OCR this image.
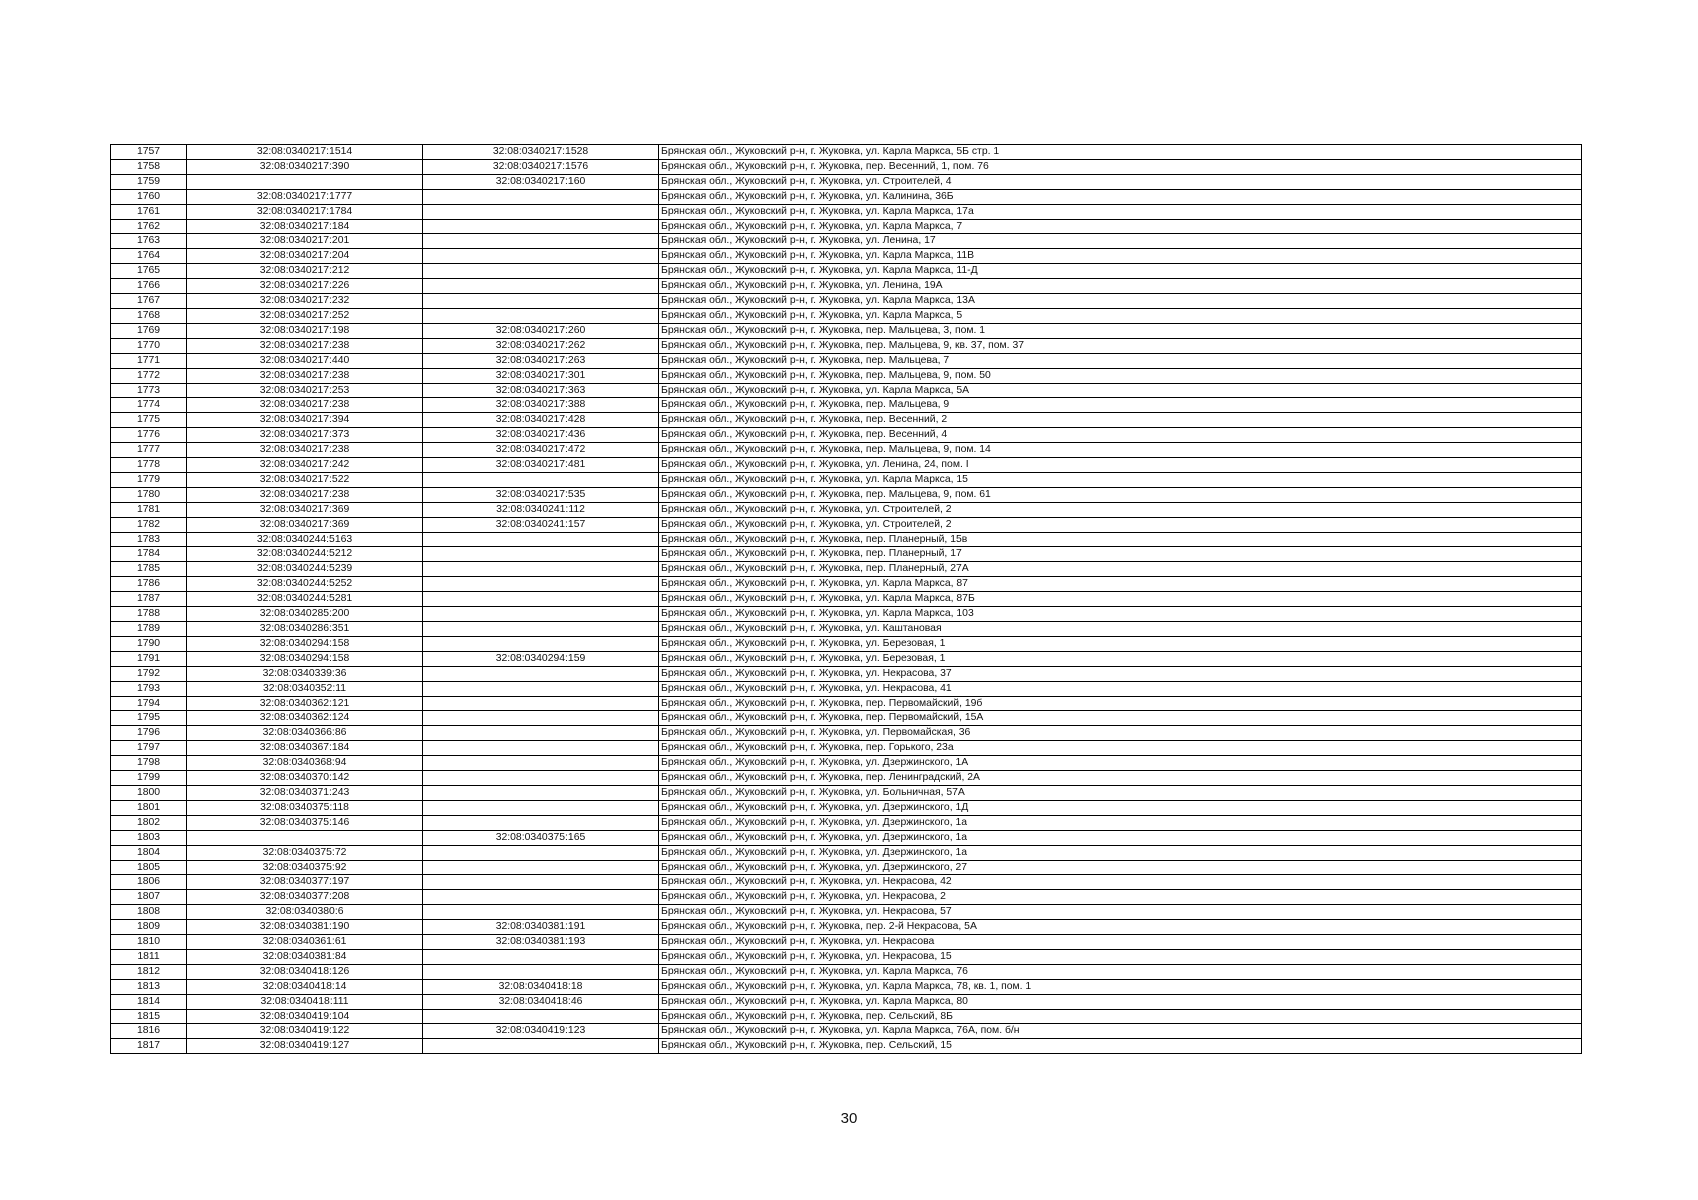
1757	32:08:0340217:1514	32:08:0340217:1528	Брянская обл., Жуковский р-н, г. Жуковка, ул. Карла Маркса, 5Б стр. 1
1758	32:08:0340217:390	32:08:0340217:1576	Брянская обл., Жуковский р-н, г. Жуковка, пер. Весенний, 1, пом. 76
1759		32:08:0340217:160	Брянская обл., Жуковский р-н, г. Жуковка, ул. Строителей, 4
1760	32:08:0340217:1777		Брянская обл., Жуковский р-н, г. Жуковка, ул. Калинина, 36Б
1761	32:08:0340217:1784		Брянская обл., Жуковский р-н, г. Жуковка, ул. Карла Маркса, 17а
1762	32:08:0340217:184		Брянская обл., Жуковский р-н, г. Жуковка, ул. Карла Маркса, 7
1763	32:08:0340217:201		Брянская обл., Жуковский р-н, г. Жуковка, ул. Ленина, 17
1764	32:08:0340217:204		Брянская обл., Жуковский р-н, г. Жуковка, ул. Карла Маркса, 11В
1765	32:08:0340217:212		Брянская обл., Жуковский р-н, г. Жуковка, ул. Карла Маркса, 11-Д
1766	32:08:0340217:226		Брянская обл., Жуковский р-н, г. Жуковка, ул. Ленина, 19А
1767	32:08:0340217:232		Брянская обл., Жуковский р-н, г. Жуковка, ул. Карла Маркса, 13А
1768	32:08:0340217:252		Брянская обл., Жуковский р-н, г. Жуковка, ул. Карла Маркса, 5
1769	32:08:0340217:198	32:08:0340217:260	Брянская обл., Жуковский р-н, г. Жуковка, пер. Мальцева, 3, пом. 1
1770	32:08:0340217:238	32:08:0340217:262	Брянская обл., Жуковский р-н, г. Жуковка, пер. Мальцева, 9, кв. 37, пом. 37
1771	32:08:0340217:440	32:08:0340217:263	Брянская обл., Жуковский р-н, г. Жуковка, пер. Мальцева, 7
1772	32:08:0340217:238	32:08:0340217:301	Брянская обл., Жуковский р-н, г. Жуковка, пер. Мальцева, 9, пом. 50
1773	32:08:0340217:253	32:08:0340217:363	Брянская обл., Жуковский р-н, г. Жуковка, ул. Карла Маркса, 5А
1774	32:08:0340217:238	32:08:0340217:388	Брянская обл., Жуковский р-н, г. Жуковка, пер. Мальцева, 9
1775	32:08:0340217:394	32:08:0340217:428	Брянская обл., Жуковский р-н, г. Жуковка, пер. Весенний, 2
1776	32:08:0340217:373	32:08:0340217:436	Брянская обл., Жуковский р-н, г. Жуковка, пер. Весенний, 4
1777	32:08:0340217:238	32:08:0340217:472	Брянская обл., Жуковский р-н, г. Жуковка, пер. Мальцева, 9, пом. 14
1778	32:08:0340217:242	32:08:0340217:481	Брянская обл., Жуковский р-н, г. Жуковка, ул. Ленина, 24, пом. I
1779	32:08:0340217:522		Брянская обл., Жуковский р-н, г. Жуковка, ул. Карла Маркса, 15
1780	32:08:0340217:238	32:08:0340217:535	Брянская обл., Жуковский р-н, г. Жуковка, пер. Мальцева, 9, пом. 61
1781	32:08:0340217:369	32:08:0340241:112	Брянская обл., Жуковский р-н, г. Жуковка, ул. Строителей, 2
1782	32:08:0340217:369	32:08:0340241:157	Брянская обл., Жуковский р-н, г. Жуковка, ул. Строителей, 2
1783	32:08:0340244:5163		Брянская обл., Жуковский р-н, г. Жуковка, пер. Планерный, 15в
1784	32:08:0340244:5212		Брянская обл., Жуковский р-н, г. Жуковка, пер. Планерный, 17
1785	32:08:0340244:5239		Брянская обл., Жуковский р-н, г. Жуковка, пер. Планерный, 27А
1786	32:08:0340244:5252		Брянская обл., Жуковский р-н, г. Жуковка, ул. Карла Маркса, 87
1787	32:08:0340244:5281		Брянская обл., Жуковский р-н, г. Жуковка, ул. Карла Маркса, 87Б
1788	32:08:0340285:200		Брянская обл., Жуковский р-н, г. Жуковка, ул. Карла Маркса, 103
1789	32:08:0340286:351		Брянская обл., Жуковский р-н, г. Жуковка, ул. Каштановая
1790	32:08:0340294:158		Брянская обл., Жуковский р-н, г. Жуковка, ул. Березовая, 1
1791	32:08:0340294:158	32:08:0340294:159	Брянская обл., Жуковский р-н, г. Жуковка, ул. Березовая, 1
1792	32:08:0340339:36		Брянская обл., Жуковский р-н, г. Жуковка, ул. Некрасова, 37
1793	32:08:0340352:11		Брянская обл., Жуковский р-н, г. Жуковка, ул. Некрасова, 41
1794	32:08:0340362:121		Брянская обл., Жуковский р-н, г. Жуковка, пер. Первомайский, 19б
1795	32:08:0340362:124		Брянская обл., Жуковский р-н, г. Жуковка, пер. Первомайский, 15А
1796	32:08:0340366:86		Брянская обл., Жуковский р-н, г. Жуковка, ул. Первомайская, 36
1797	32:08:0340367:184		Брянская обл., Жуковский р-н, г. Жуковка, пер. Горького, 23а
1798	32:08:0340368:94		Брянская обл., Жуковский р-н, г. Жуковка, ул. Дзержинского, 1А
1799	32:08:0340370:142		Брянская обл., Жуковский р-н, г. Жуковка, пер. Ленинградский, 2А
1800	32:08:0340371:243		Брянская обл., Жуковский р-н, г. Жуковка, ул. Больничная, 57А
1801	32:08:0340375:118		Брянская обл., Жуковский р-н, г. Жуковка, ул. Дзержинского, 1Д
1802	32:08:0340375:146		Брянская обл., Жуковский р-н, г. Жуковка, ул. Дзержинского, 1а
1803		32:08:0340375:165	Брянская обл., Жуковский р-н, г. Жуковка, ул. Дзержинского, 1а
1804	32:08:0340375:72		Брянская обл., Жуковский р-н, г. Жуковка, ул. Дзержинского, 1а
1805	32:08:0340375:92		Брянская обл., Жуковский р-н, г. Жуковка, ул. Дзержинского, 27
1806	32:08:0340377:197		Брянская обл., Жуковский р-н, г. Жуковка, ул. Некрасова, 42
1807	32:08:0340377:208		Брянская обл., Жуковский р-н, г. Жуковка, ул. Некрасова, 2
1808	32:08:0340380:6		Брянская обл., Жуковский р-н, г. Жуковка, ул. Некрасова, 57
1809	32:08:0340381:190	32:08:0340381:191	Брянская обл., Жуковский р-н, г. Жуковка, пер. 2-й Некрасова, 5А
1810	32:08:0340361:61	32:08:0340381:193	Брянская обл., Жуковский р-н, г. Жуковка, ул. Некрасова
1811	32:08:0340381:84		Брянская обл., Жуковский р-н, г. Жуковка, ул. Некрасова, 15
1812	32:08:0340418:126		Брянская обл., Жуковский р-н, г. Жуковка, ул. Карла Маркса, 76
1813	32:08:0340418:14	32:08:0340418:18	Брянская обл., Жуковский р-н, г. Жуковка, ул. Карла Маркса, 78, кв. 1, пом. 1
1814	32:08:0340418:111	32:08:0340418:46	Брянская обл., Жуковский р-н, г. Жуковка, ул. Карла Маркса, 80
1815	32:08:0340419:104		Брянская обл., Жуковский р-н, г. Жуковка, пер. Сельский, 8Б
1816	32:08:0340419:122	32:08:0340419:123	Брянская обл., Жуковский р-н, г. Жуковка, ул. Карла Маркса, 76А, пом. б/н
1817	32:08:0340419:127		Брянская обл., Жуковский р-н, г. Жуковка, пер. Сельский, 15
30
